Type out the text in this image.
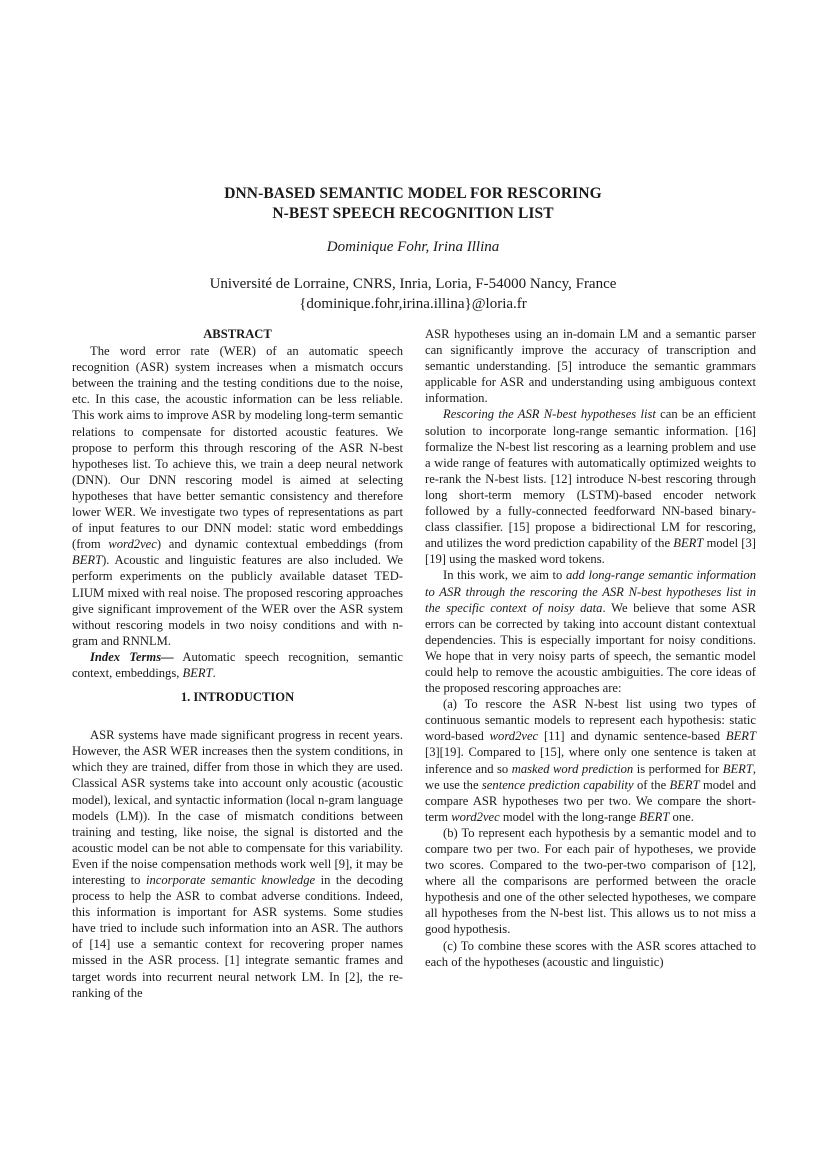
DNN-BASED SEMANTIC MODEL FOR RESCORING
N-BEST SPEECH RECOGNITION LIST
Dominique Fohr, Irina Illina
Université de Lorraine, CNRS, Inria, Loria, F-54000 Nancy, France
{dominique.fohr,irina.illina}@loria.fr
ABSTRACT

The word error rate (WER) of an automatic speech recognition (ASR) system increases when a mismatch occurs between the training and the testing conditions due to the noise, etc. In this case, the acoustic information can be less reliable. This work aims to improve ASR by modeling long-term semantic relations to compensate for distorted acoustic features. We propose to perform this through rescoring of the ASR N-best hypotheses list. To achieve this, we train a deep neural network (DNN). Our DNN rescoring model is aimed at selecting hypotheses that have better semantic consistency and therefore lower WER. We investigate two types of representations as part of input features to our DNN model: static word embeddings (from word2vec) and dynamic contextual embeddings (from BERT). Acoustic and linguistic features are also included. We perform experiments on the publicly available dataset TED-LIUM mixed with real noise. The proposed rescoring approaches give significant improvement of the WER over the ASR system without rescoring models in two noisy conditions and with n-gram and RNNLM.

Index Terms— Automatic speech recognition, semantic context, embeddings, BERT.

1. INTRODUCTION

ASR systems have made significant progress in recent years. However, the ASR WER increases then the system conditions, in which they are trained, differ from those in which they are used. Classical ASR systems take into account only acoustic (acoustic model), lexical, and syntactic information (local n-gram language models (LM)). In the case of mismatch conditions between training and testing, like noise, the signal is distorted and the acoustic model can be not able to compensate for this variability. Even if the noise compensation methods work well [9], it may be interesting to incorporate semantic knowledge in the decoding process to help the ASR to combat adverse conditions. Indeed, this information is important for ASR systems. Some studies have tried to include such information into an ASR. The authors of [14] use a semantic context for recovering proper names missed in the ASR process. [1] integrate semantic frames and target words into recurrent neural network LM. In [2], the re-ranking of the

ASR hypotheses using an in-domain LM and a semantic parser can significantly improve the accuracy of transcription and semantic understanding. [5] introduce the semantic grammars applicable for ASR and understanding using ambiguous context information.

Rescoring the ASR N-best hypotheses list can be an efficient solution to incorporate long-range semantic information. [16] formalize the N-best list rescoring as a learning problem and use a wide range of features with automatically optimized weights to re-rank the N-best lists. [12] introduce N-best rescoring through long short-term memory (LSTM)-based encoder network followed by a fully-connected feedforward NN-based binary-class classifier. [15] propose a bidirectional LM for rescoring, and utilizes the word prediction capability of the BERT model [3][19] using the masked word tokens.

In this work, we aim to add long-range semantic information to ASR through the rescoring the ASR N-best hypotheses list in the specific context of noisy data. We believe that some ASR errors can be corrected by taking into account distant contextual dependencies. This is especially important for noisy conditions. We hope that in very noisy parts of speech, the semantic model could help to remove the acoustic ambiguities. The core ideas of the proposed rescoring approaches are:

(a) To rescore the ASR N-best list using two types of continuous semantic models to represent each hypothesis: static word-based word2vec [11] and dynamic sentence-based BERT [3][19]. Compared to [15], where only one sentence is taken at inference and so masked word prediction is performed for BERT, we use the sentence prediction capability of the BERT model and compare ASR hypotheses two per two. We compare the short-term word2vec model with the long-range BERT one.

(b) To represent each hypothesis by a semantic model and to compare two per two. For each pair of hypotheses, we provide two scores. Compared to the two-per-two comparison of [12], where all the comparisons are performed between the oracle hypothesis and one of the other selected hypotheses, we compare all hypotheses from the N-best list. This allows us to not miss a good hypothesis.

(c) To combine these scores with the ASR scores attached to each of the hypotheses (acoustic and linguistic)
